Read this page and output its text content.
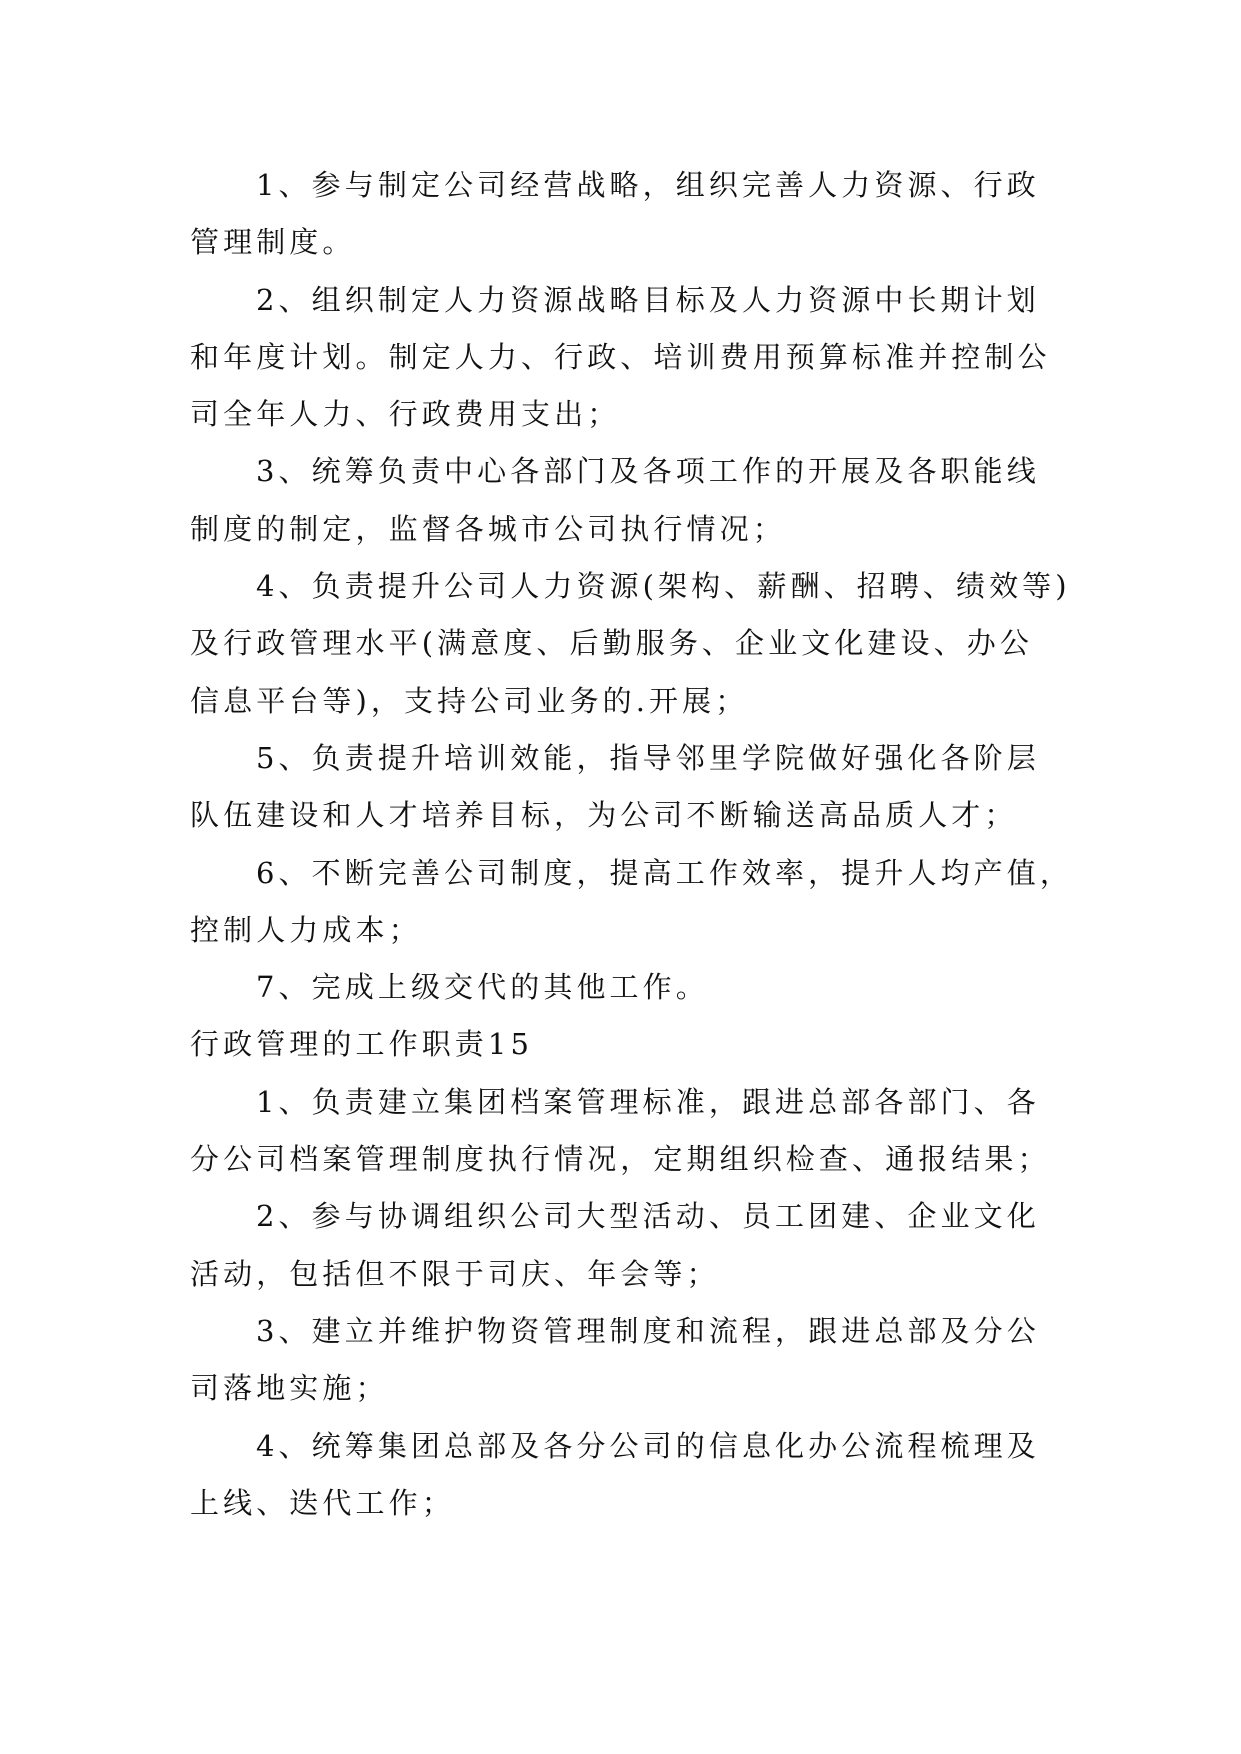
1、参与制定公司经营战略，组织完善人力资源、行政
管理制度。
2、组织制定人力资源战略目标及人力资源中长期计划
和年度计划。制定人力、行政、培训费用预算标准并控制公
司全年人力、行政费用支出；
3、统筹负责中心各部门及各项工作的开展及各职能线
制度的制定，监督各城市公司执行情况；
4、负责提升公司人力资源(架构、薪酬、招聘、绩效等)
及行政管理水平(满意度、后勤服务、企业文化建设、办公
信息平台等)，支持公司业务的.开展；
5、负责提升培训效能，指导邻里学院做好强化各阶层
队伍建设和人才培养目标，为公司不断输送高品质人才；
6、不断完善公司制度，提高工作效率，提升人均产值，
控制人力成本；
7、完成上级交代的其他工作。
行政管理的工作职责15
1、负责建立集团档案管理标准，跟进总部各部门、各
分公司档案管理制度执行情况，定期组织检查、通报结果；
2、参与协调组织公司大型活动、员工团建、企业文化
活动，包括但不限于司庆、年会等；
3、建立并维护物资管理制度和流程，跟进总部及分公
司落地实施；
4、统筹集团总部及各分公司的信息化办公流程梳理及
上线、迭代工作；
